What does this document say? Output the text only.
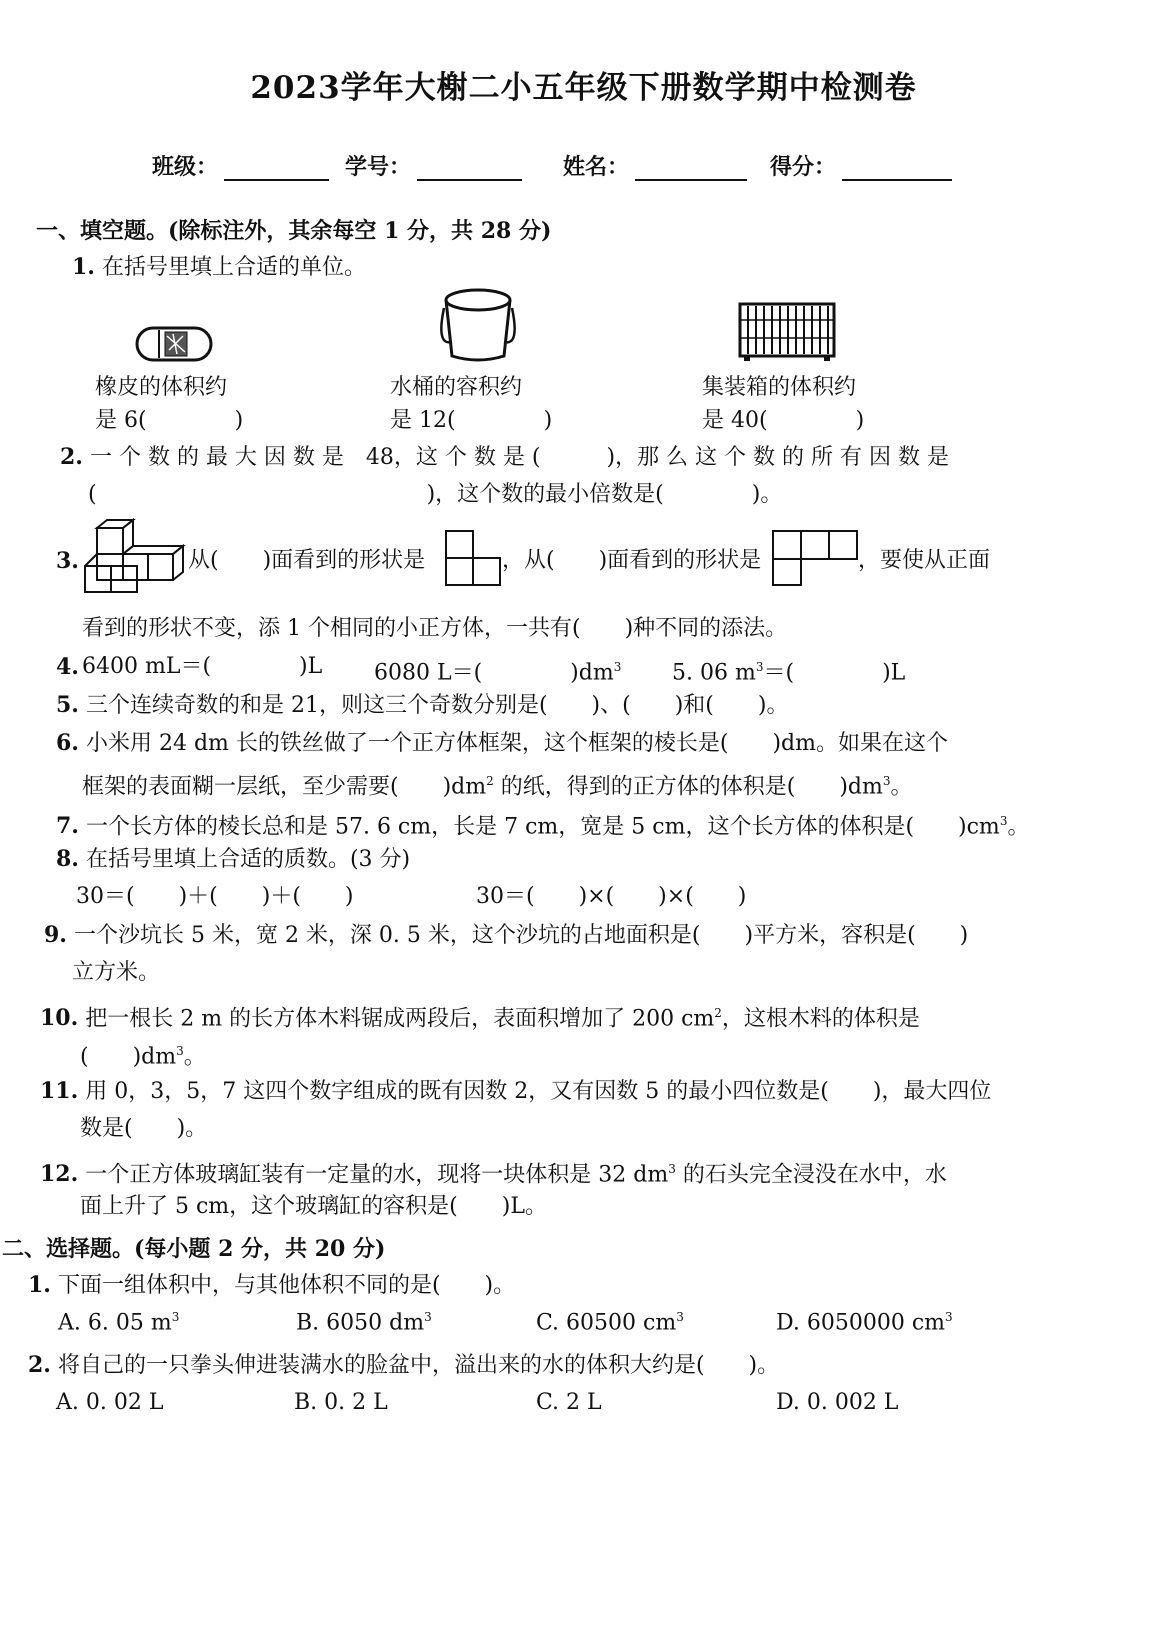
2023学年大榭二小五年级下册数学期中检测卷
班级：	学号：	姓名：	得分：
一、填空题。(除标注外，其余每空 1 分，共 28 分)
1. 在括号里填上合适的单位。
橡皮的体积约
是 6(　　　　)
水桶的容积约
是 12(　　　　)
集装箱的体积约
是 40(　　　　)
2. 一 个 数 的 最 大 因 数 是　48，这 个 数 是 (　　　)，那 么 这 个 数 的 所 有 因 数 是
(　　　　　　　　　　　　　　　)，这个数的最小倍数是(　　　　)。
3.	从(　　)面看到的形状是	，从(　　)面看到的形状是	，要使从正面
看到的形状不变，添 1 个相同的小正方体，一共有(　　)种不同的添法。
4. 6400 mL＝(　　　　)L 6080 L＝(　　　　)$dm^3$ 5. 06 $m^3=$(　　　　)L
5. 三个连续奇数的和是 21，则这三个奇数分别是(　　)、(　　)和(　　)。
6. 小米用 24 dm 长的铁丝做了一个正方体框架，这个框架的棱长是(　　)dm。如果在这个
框架的表面糊一层纸，至少需要(　　)$dm^2$ 的纸，得到的正方体的体积是(　　)$dm^3$。
7. 一个长方体的棱长总和是 57. 6 cm，长是 7 cm，宽是 5 cm，这个长方体的体积是(　　)$cm^3$。
8. 在括号里填上合适的质数。(3 分)
30＝(　　)＋(　　)＋(　　)	30＝(　　)×(　　)×(　　)
9. 一个沙坑长 5 米，宽 2 米，深 0. 5 米，这个沙坑的占地面积是(　　)平方米，容积是(　　)
立方米。
10. 把一根长 2 m 的长方体木料锯成两段后，表面积增加了 200 $cm^2$，这根木料的体积是
(　　)$dm^3$。
11. 用 0，3，5，7 这四个数字组成的既有因数 2，又有因数 5 的最小四位数是(　　)，最大四位
数是(　　)。
12. 一个正方体玻璃缸装有一定量的水，现将一块体积是 32 $dm^3$ 的石头完全浸没在水中，水
面上升了 5 cm，这个玻璃缸的容积是(　　)L。
二、选择题。(每小题 2 分，共 20 分)
1. 下面一组体积中，与其他体积不同的是(　　)。
A. 6. 05 $m^3$	B. 6050 $dm^3$	C. 60500 $cm^3$	D. 6050000 $cm^3$
2. 将自己的一只拳头伸进装满水的脸盆中，溢出来的水的体积大约是(　　)。
A. 0. 02 L	B. 0. 2 L	C. 2 L	D. 0. 002 L
